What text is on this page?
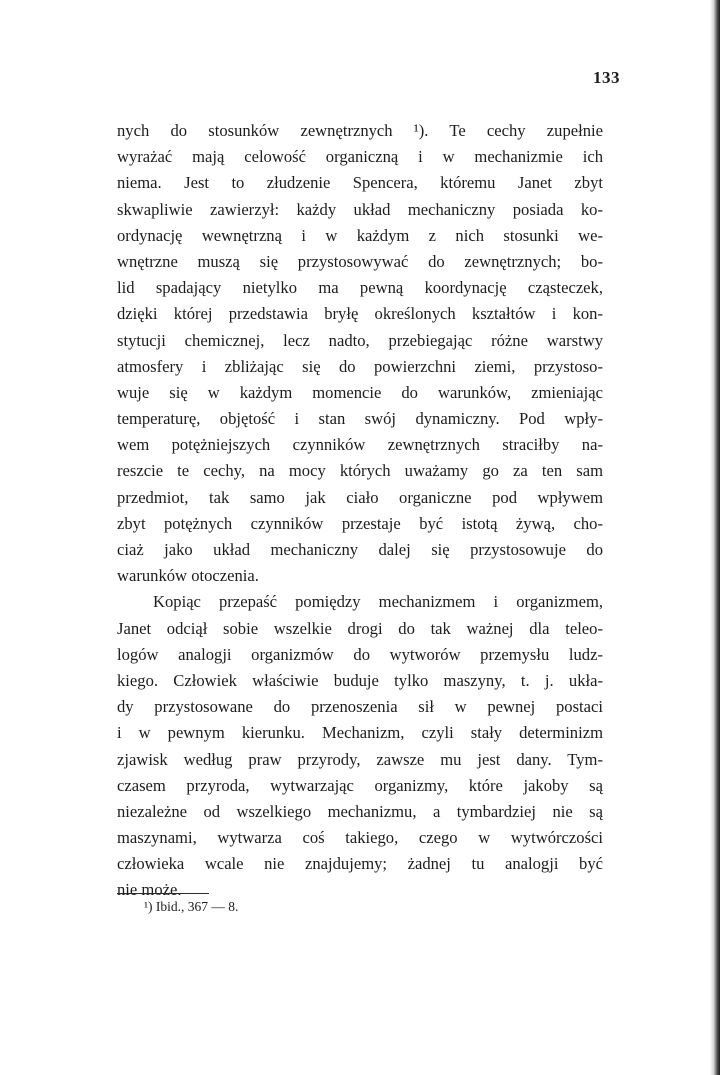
133
nych do stosunków zewnętrznych ¹). Te cechy zupełnie
wyrażać mają celowość organiczną i w mechanizmie ich
niema. Jest to złudzenie Spencera, któremu Janet zbyt
skwapliwie zawierzył: każdy układ mechaniczny posiada ko-
ordynację wewnętrzną i w każdym z nich stosunki we-
wnętrzne muszą się przystosowywać do zewnętrznych; bo-
lid spadający nietylko ma pewną koordynację cząsteczek,
dzięki której przedstawia bryłę określonych kształtów i kon-
stytucji chemicznej, lecz nadto, przebiegając różne warstwy
atmosfery i zbliżając się do powierzchni ziemi, przystoso-
wuje się w każdym momencie do warunków, zmieniając
temperaturę, objętość i stan swój dynamiczny. Pod wpły-
wem potężniejszych czynników zewnętrznych straciłby na-
reszcie te cechy, na mocy których uważamy go za ten sam
przedmiot, tak samo jak ciało organiczne pod wpływem
zbyt potężnych czynników przestaje być istotą żywą, cho-
ciaż jako układ mechaniczny dalej się przystosowuje do
warunków otoczenia.
Kopiąc przepaść pomiędzy mechanizmem i organizmem,
Janet odciął sobie wszelkie drogi do tak ważnej dla teleo-
logów analogji organizmów do wytworów przemysłu ludz-
kiego. Człowiek właściwie buduje tylko maszyny, t. j. ukła-
dy przystosowane do przenoszenia sił w pewnej postaci
i w pewnym kierunku. Mechanizm, czyli stały determinizm
zjawisk według praw przyrody, zawsze mu jest dany. Tym-
czasem przyroda, wytwarzając organizmy, które jakoby są
niezależne od wszelkiego mechanizmu, a tymbardziej nie są
maszynami, wytwarza coś takiego, czego w wytwórczości
człowieka wcale nie znajdujemy; żadnej tu analogji być
nie może.
¹) Ibid., 367 — 8.
